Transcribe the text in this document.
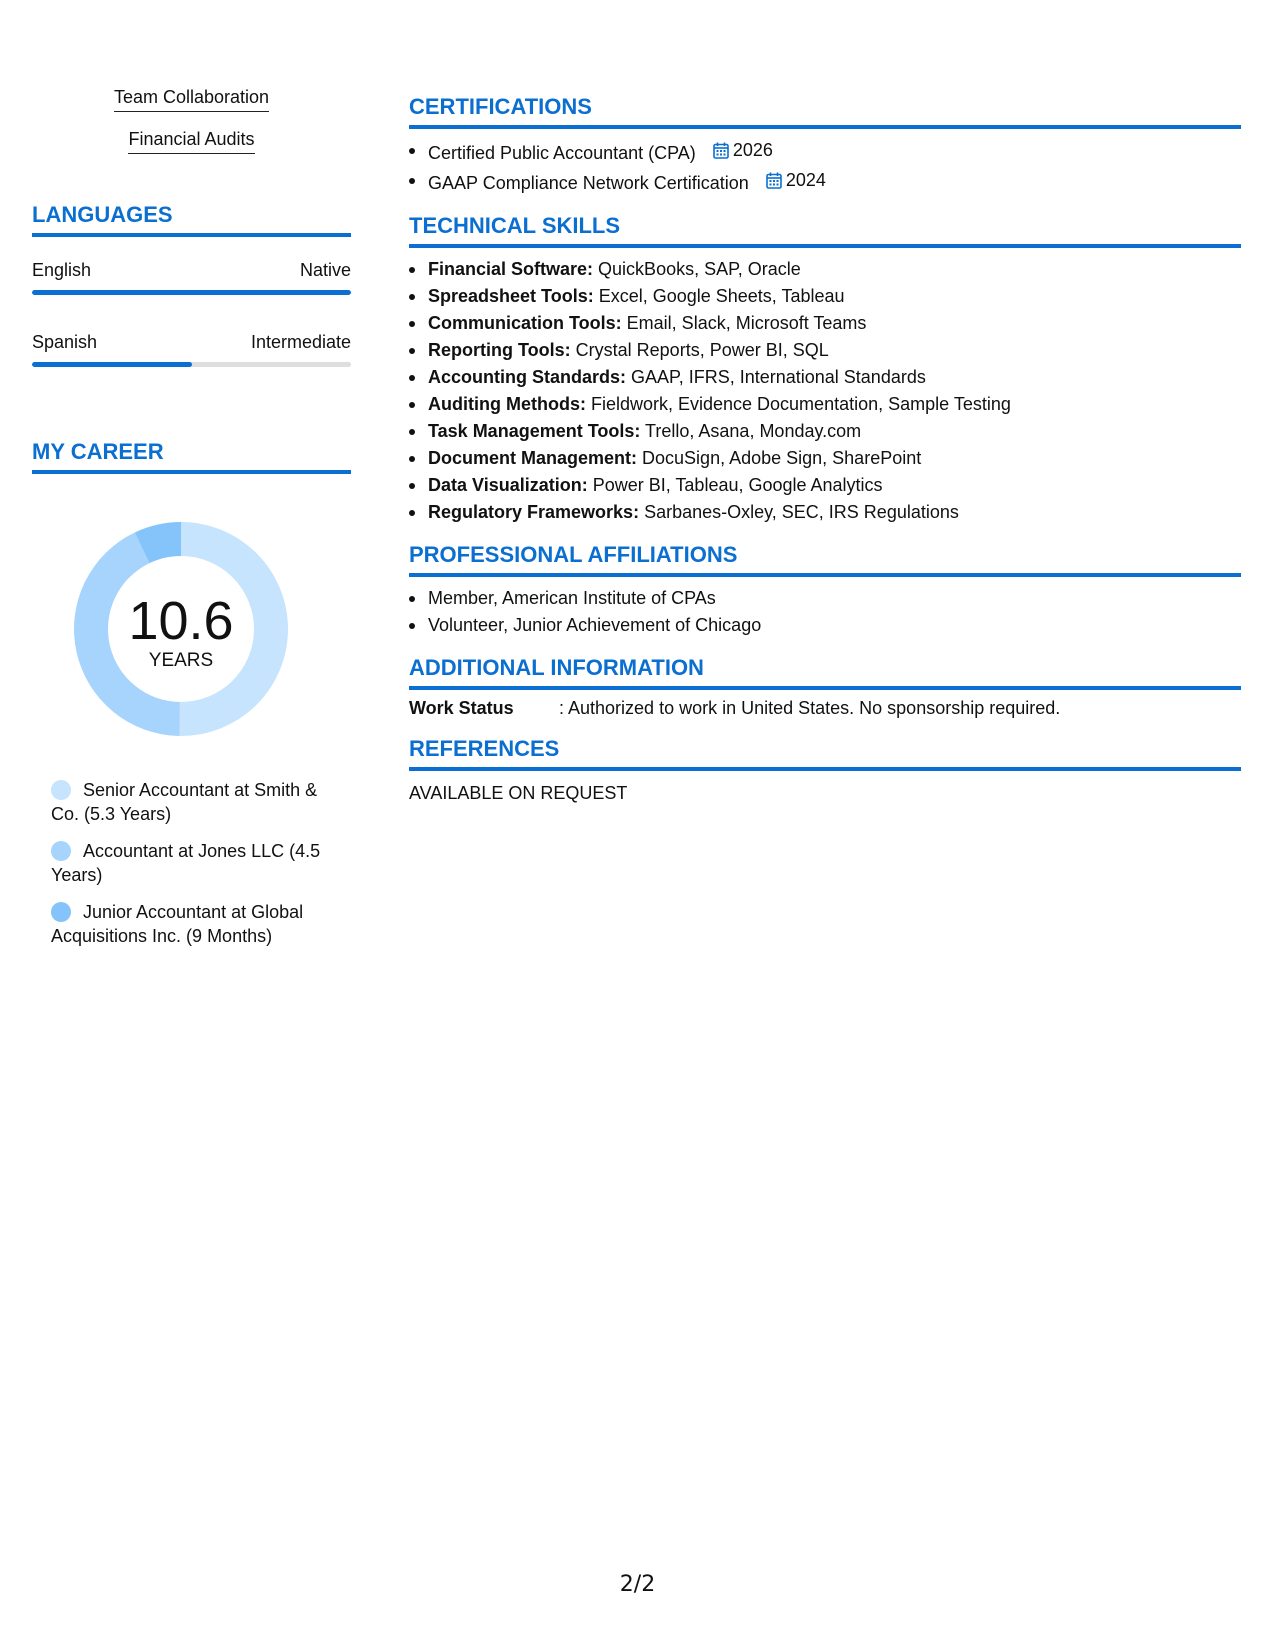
Team Collaboration
Financial Audits
LANGUAGES
English	Native
Spanish	Intermediate
MY CAREER
10.6
YEARS
Senior Accountant at Smith & Co. (5.3 Years)
Accountant at Jones LLC (4.5 Years)
Junior Accountant at Global Acquisitions Inc. (9 Months)
CERTIFICATIONS
Certified Public Accountant (CPA) 2026
GAAP Compliance Network Certification 2024
TECHNICAL SKILLS
Financial Software: QuickBooks, SAP, Oracle
Spreadsheet Tools: Excel, Google Sheets, Tableau
Communication Tools: Email, Slack, Microsoft Teams
Reporting Tools: Crystal Reports, Power BI, SQL
Accounting Standards: GAAP, IFRS, International Standards
Auditing Methods: Fieldwork, Evidence Documentation, Sample Testing
Task Management Tools: Trello, Asana, Monday.com
Document Management: DocuSign, Adobe Sign, SharePoint
Data Visualization: Power BI, Tableau, Google Analytics
Regulatory Frameworks: Sarbanes-Oxley, SEC, IRS Regulations
PROFESSIONAL AFFILIATIONS
Member, American Institute of CPAs
Volunteer, Junior Achievement of Chicago
ADDITIONAL INFORMATION
Work Status	: Authorized to work in United States. No sponsorship required.
REFERENCES
AVAILABLE ON REQUEST
2/2
